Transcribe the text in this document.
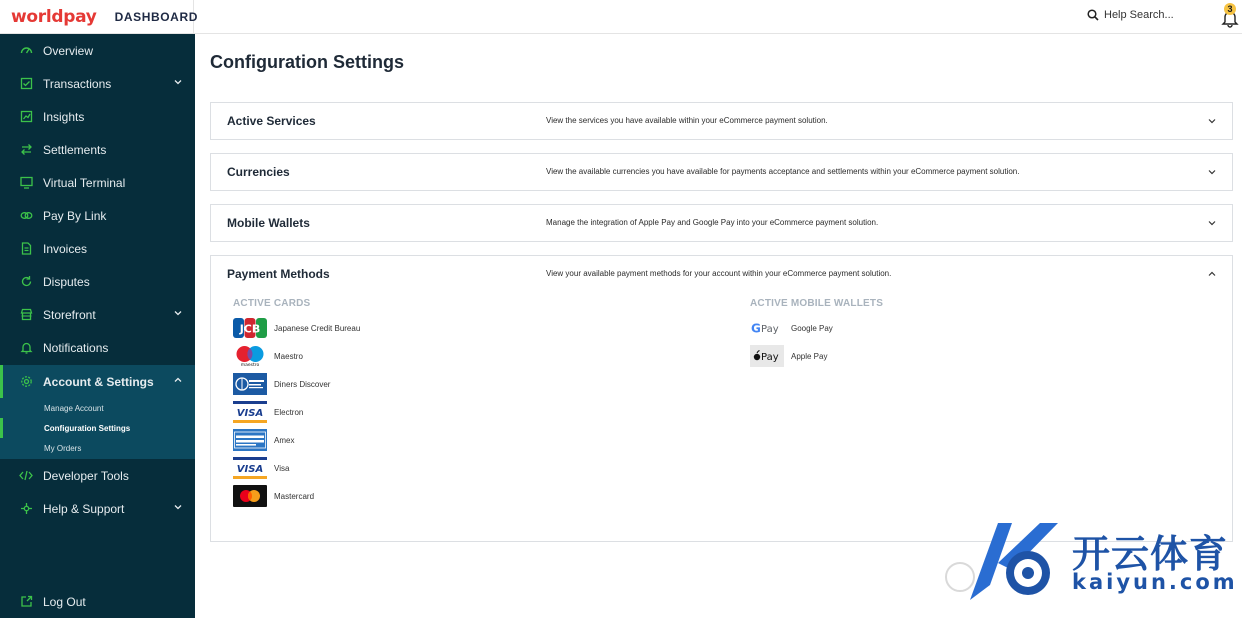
worldpay DASHBOARD	Help Search...	3
Overview
Transactions
Insights
Settlements
Virtual Terminal
Pay By Link
Invoices
Disputes
Storefront
Notifications
Account & Settings
Manage Account
Configuration Settings
My Orders
Developer Tools
Help & Support
Log Out
Configuration Settings
Active Services	View the services you have available within your eCommerce payment solution.
Currencies	View the available currencies you have available for payments acceptance and settlements within your eCommerce payment solution.
Mobile Wallets	Manage the integration of Apple Pay and Google Pay into your eCommerce payment solution.
Payment Methods	View your available payment methods for your account within your eCommerce payment solution.
ACTIVE CARDS
JCB Japanese Credit Bureau
maestro
Maestro
Diners Discover
VISA Electron
Amex
VISA Visa
Mastercard
ACTIVE MOBILE WALLETS
G Pay Google Pay
Pay Apple Pay
开云体育
kaiyun.com
